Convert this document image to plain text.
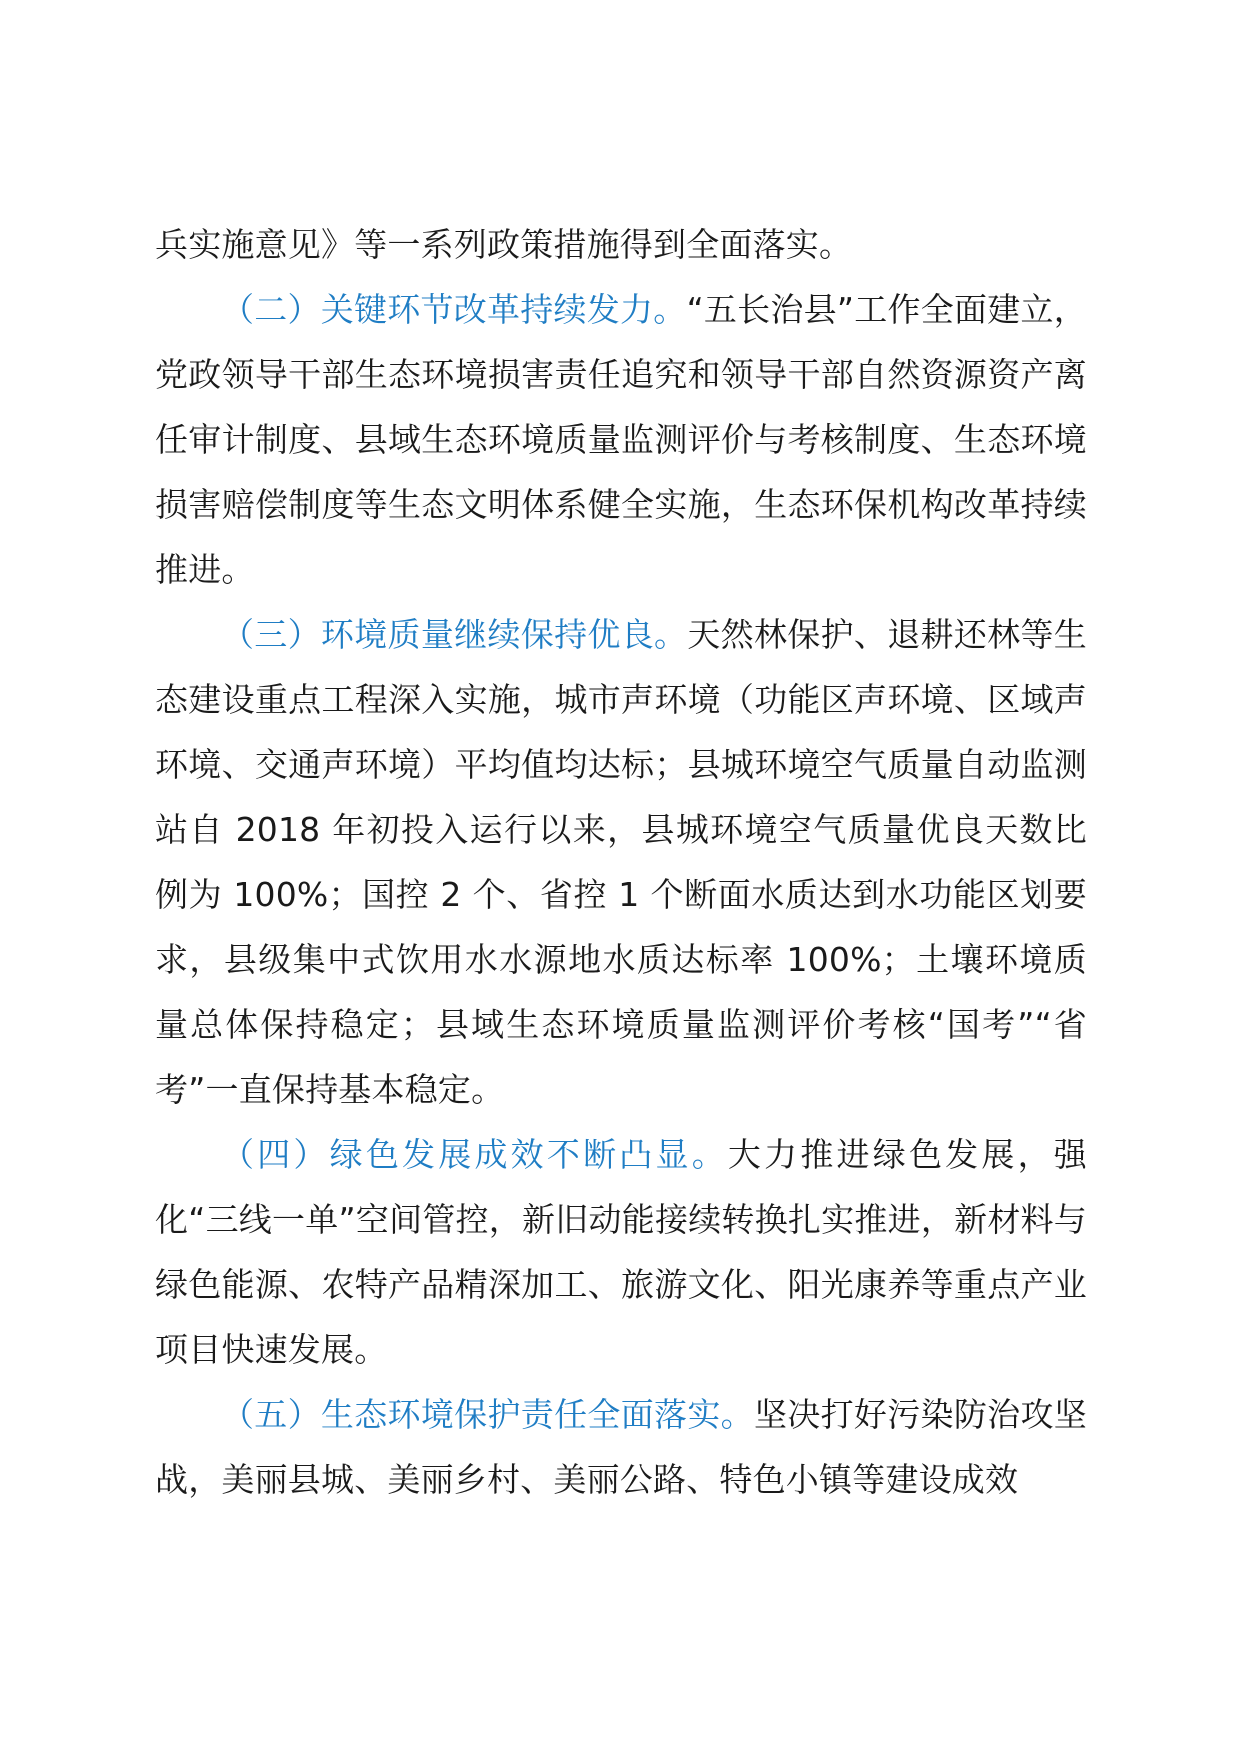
兵实施意见》等一系列政策措施得到全面落实。

（二）关键环节改革持续发力。“五长治县”工作全面建立，党政领导干部生态环境损害责任追究和领导干部自然资源资产离任审计制度、县域生态环境质量监测评价与考核制度、生态环境损害赔偿制度等生态文明体系健全实施，生态环保机构改革持续推进。

（三）环境质量继续保持优良。天然林保护、退耕还林等生态建设重点工程深入实施，城市声环境（功能区声环境、区域声环境、交通声环境）平均值均达标；县城环境空气质量自动监测站自 2018 年初投入运行以来，县城环境空气质量优良天数比例为 100%；国控 2 个、省控 1 个断面水质达到水功能区划要求，县级集中式饮用水水源地水质达标率 100%；土壤环境质量总体保持稳定；县域生态环境质量监测评价考核“国考”“省考”一直保持基本稳定。

（四）绿色发展成效不断凸显。大力推进绿色发展，强化“三线一单”空间管控，新旧动能接续转换扎实推进，新材料与绿色能源、农特产品精深加工、旅游文化、阳光康养等重点产业项目快速发展。

（五）生态环境保护责任全面落实。坚决打好污染防治攻坚战，美丽县城、美丽乡村、美丽公路、特色小镇等建设成效
